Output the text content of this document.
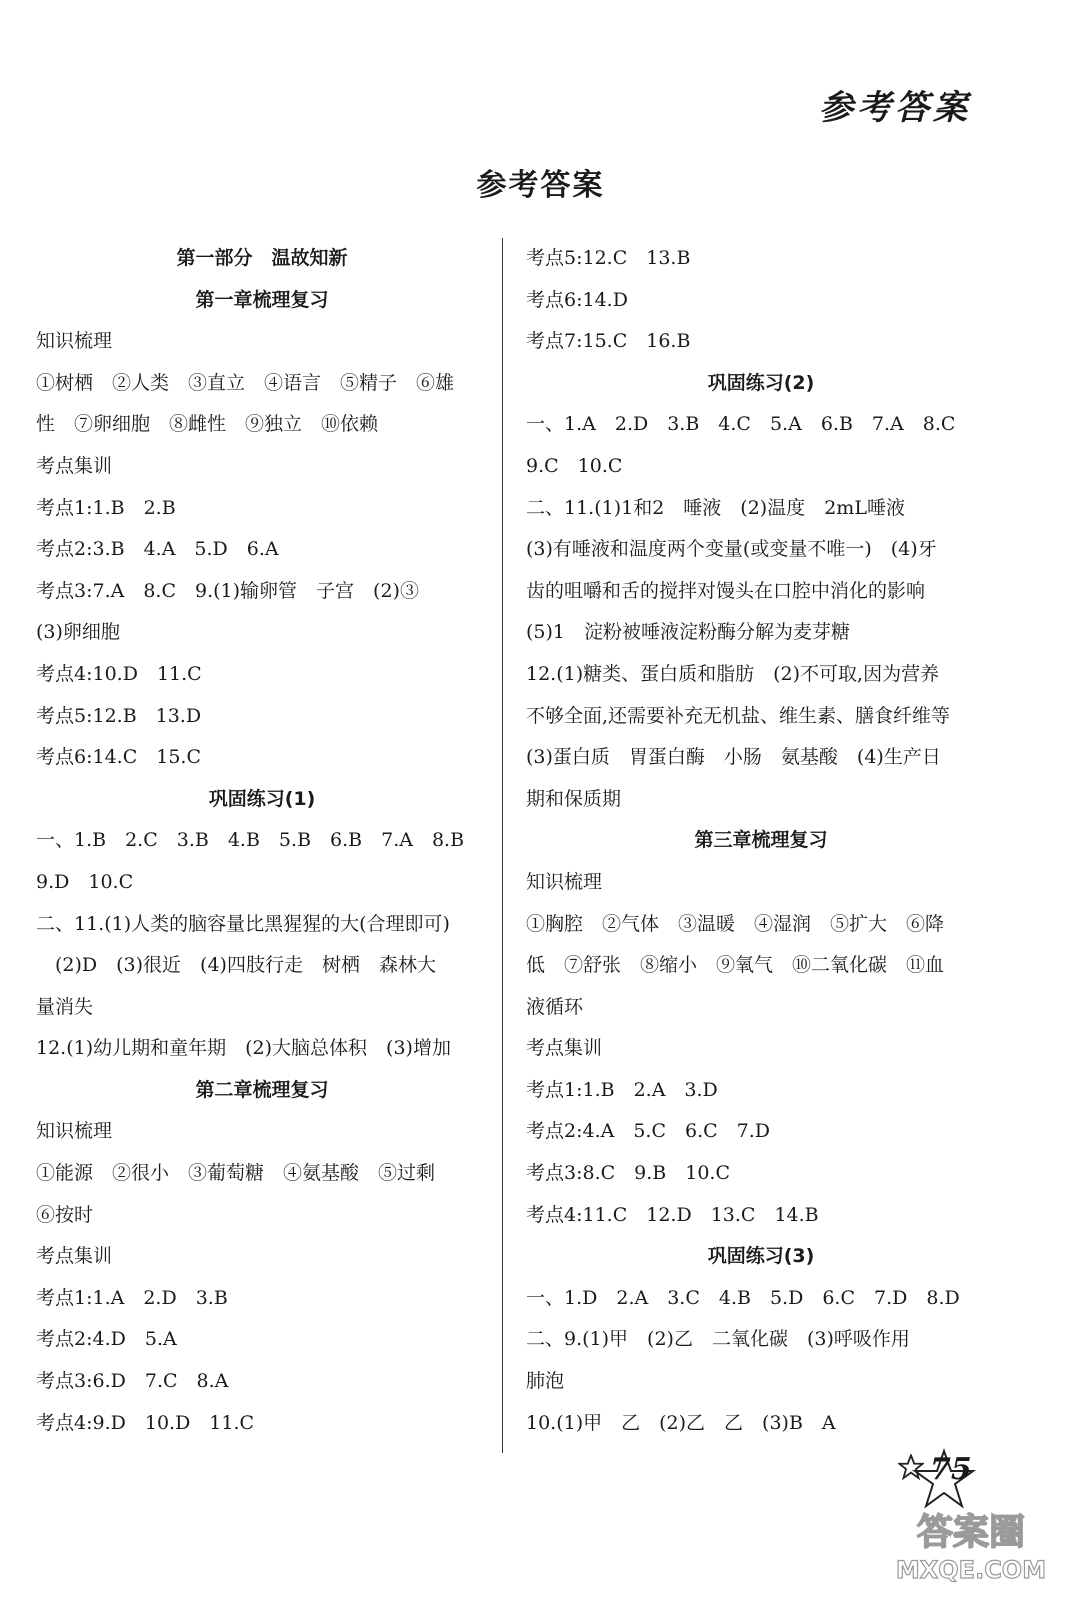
参考答案
参考答案
第一部分　温故知新
第一章梳理复习
知识梳理
①树栖　②人类　③直立　④语言　⑤精子　⑥雄
性　⑦卵细胞　⑧雌性　⑨独立　⑩依赖
考点集训
考点1:1.B　2.B
考点2:3.B　4.A　5.D　6.A
考点3:7.A　8.C　9.(1)输卵管　子宫　(2)③
(3)卵细胞
考点4:10.D　11.C
考点5:12.B　13.D
考点6:14.C　15.C
巩固练习(1)
一、1.B　2.C　3.B　4.B　5.B　6.B　7.A　8.B
9.D　10.C
二、11.(1)人类的脑容量比黑猩猩的大(合理即可)
　(2)D　(3)很近　(4)四肢行走　树栖　森林大
量消失
12.(1)幼儿期和童年期　(2)大脑总体积　(3)增加
第二章梳理复习
知识梳理
①能源　②很小　③葡萄糖　④氨基酸　⑤过剩
⑥按时
考点集训
考点1:1.A　2.D　3.B
考点2:4.D　5.A
考点3:6.D　7.C　8.A
考点4:9.D　10.D　11.C
考点5:12.C　13.B
考点6:14.D
考点7:15.C　16.B
巩固练习(2)
一、1.A　2.D　3.B　4.C　5.A　6.B　7.A　8.C
9.C　10.C
二、11.(1)1和2　唾液　(2)温度　2mL唾液
(3)有唾液和温度两个变量(或变量不唯一)　(4)牙
齿的咀嚼和舌的搅拌对馒头在口腔中消化的影响
(5)1　淀粉被唾液淀粉酶分解为麦芽糖
12.(1)糖类、蛋白质和脂肪　(2)不可取,因为营养
不够全面,还需要补充无机盐、维生素、膳食纤维等
(3)蛋白质　胃蛋白酶　小肠　氨基酸　(4)生产日
期和保质期
第三章梳理复习
知识梳理
①胸腔　②气体　③温暖　④湿润　⑤扩大　⑥降
低　⑦舒张　⑧缩小　⑨氧气　⑩二氧化碳　⑪血
液循环
考点集训
考点1:1.B　2.A　3.D
考点2:4.A　5.C　6.C　7.D
考点3:8.C　9.B　10.C
考点4:11.C　12.D　13.C　14.B
巩固练习(3)
一、1.D　2.A　3.C　4.B　5.D　6.C　7.D　8.D
二、9.(1)甲　(2)乙　二氧化碳　(3)呼吸作用
肺泡
10.(1)甲　乙　(2)乙　乙　(3)B　A
75
答案圈
MXQE.COM
